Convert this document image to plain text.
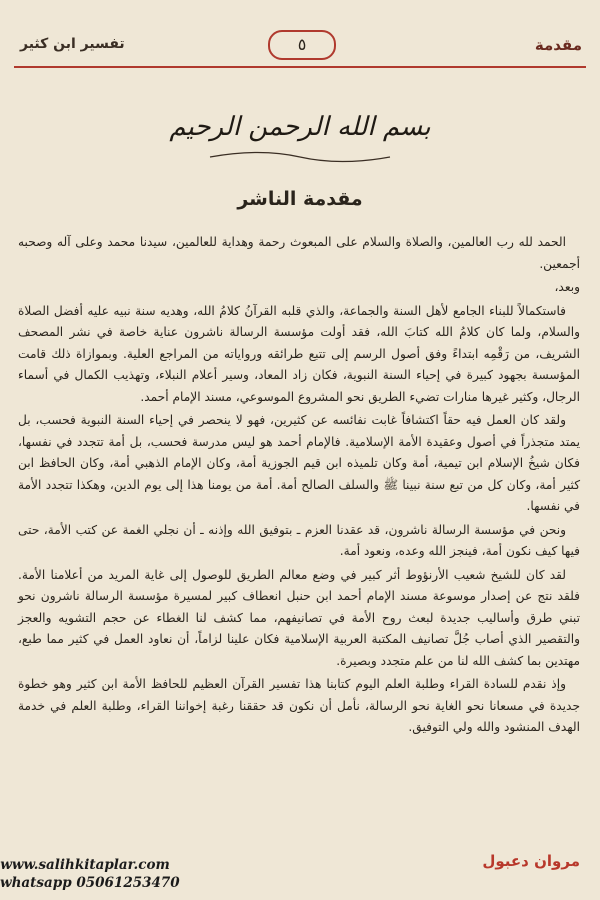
مقدمة
٥
تفسير ابن كثير
بسم الله الرحمن الرحيم
مقدمة الناشر

الحمد لله رب العالمين، والصلاة والسلام على المبعوث رحمة وهداية للعالمين، سيدنا محمد وعلى آله وصحبه أجمعين.

وبعد،

فاستكمالاً للبناء الجامع لأهل السنة والجماعة، والذي قلبه القرآنُ كلامُ الله، وهديه سنة نبيه عليه أفضل الصلاة والسلام، ولما كان كلامُ الله كتابَ الله، فقد أولت مؤسسة الرسالة ناشرون عناية خاصة في نشر المصحف الشريف، من رَقْمِه ابتداءً وفق أصول الرسم إلى تتبع طرائقه ورواياته من المراجع العلية. وبموازاة ذلك قامت المؤسسة بجهود كبيرة في إحياء السنة النبوية، فكان زاد المعاد، وسير أعلام النبلاء، وتهذيب الكمال في أسماء الرجال، وكثير غيرها منارات تضيء الطريق نحو المشروع الموسوعي، مسند الإمام أحمد.

ولقد كان العمل فيه حقاً اكتشافاً غابت نفائسه عن كثيرين، فهو لا ينحصر في إحياء السنة النبوية فحسب، بل يمتد متجذراً في أصول وعقيدة الأمة الإسلامية. فالإمام أحمد هو ليس مدرسة فحسب، بل أمة تتجدد في نفسها، فكان شيخُ الإسلام ابن تيمية، أمة وكان تلميذه ابن قيم الجوزية أمة، وكان الإمام الذهبي أمة، وكان الحافظ ابن كثير أمة، وكان كل من تبع سنة نبينا ﷺ والسلف الصالح أمة. أمة من يومنا هذا إلى يوم الدين، وهكذا تتجدد الأمة في نفسها.

ونحن في مؤسسة الرسالة ناشرون، قد عقدنا العزم ـ بتوفيق الله وإذنه ـ أن نجلي الغمة عن كتب الأمة، حتى فيها كيف نكون أمة، فينجز الله وعده، ونعود أمة.

لقد كان للشيخ شعيب الأرنؤوط أثر كبير في وضع معالم الطريق للوصول إلى غاية المريد من أعلامنا الأمة. فلقد نتج عن إصدار موسوعة مسند الإمام أحمد ابن حنبل انعطاف كبير لمسيرة مؤسسة الرسالة ناشرون نحو تبني طرق وأساليب جديدة لبعث روح الأمة في تصانيفهم، مما كشف لنا الغطاء عن حجم التشويه والعجز والتقصير الذي أصاب جُلَّ تصانيف المكتبة العربية الإسلامية فكان علينا لزاماً، أن نعاود العمل في كثير مما طبع، مهتدين بما كشف الله لنا من علم متجدد وبصيرة.

وإذ نقدم للسادة القراء وطلبة العلم اليوم كتابنا هذا تفسير القرآن العظيم للحافظ الأمة ابن كثير وهو خطوة جديدة في مسعانا نحو الغاية نحو الرسالة، نأمل أن نكون قد حققنا رغبة إخواننا القراء، وطلبة العلم في خدمة الهدف المنشود والله ولي التوفيق.

مروان دعبول
www.salihkitaplar.com
whatsapp 05061253470
